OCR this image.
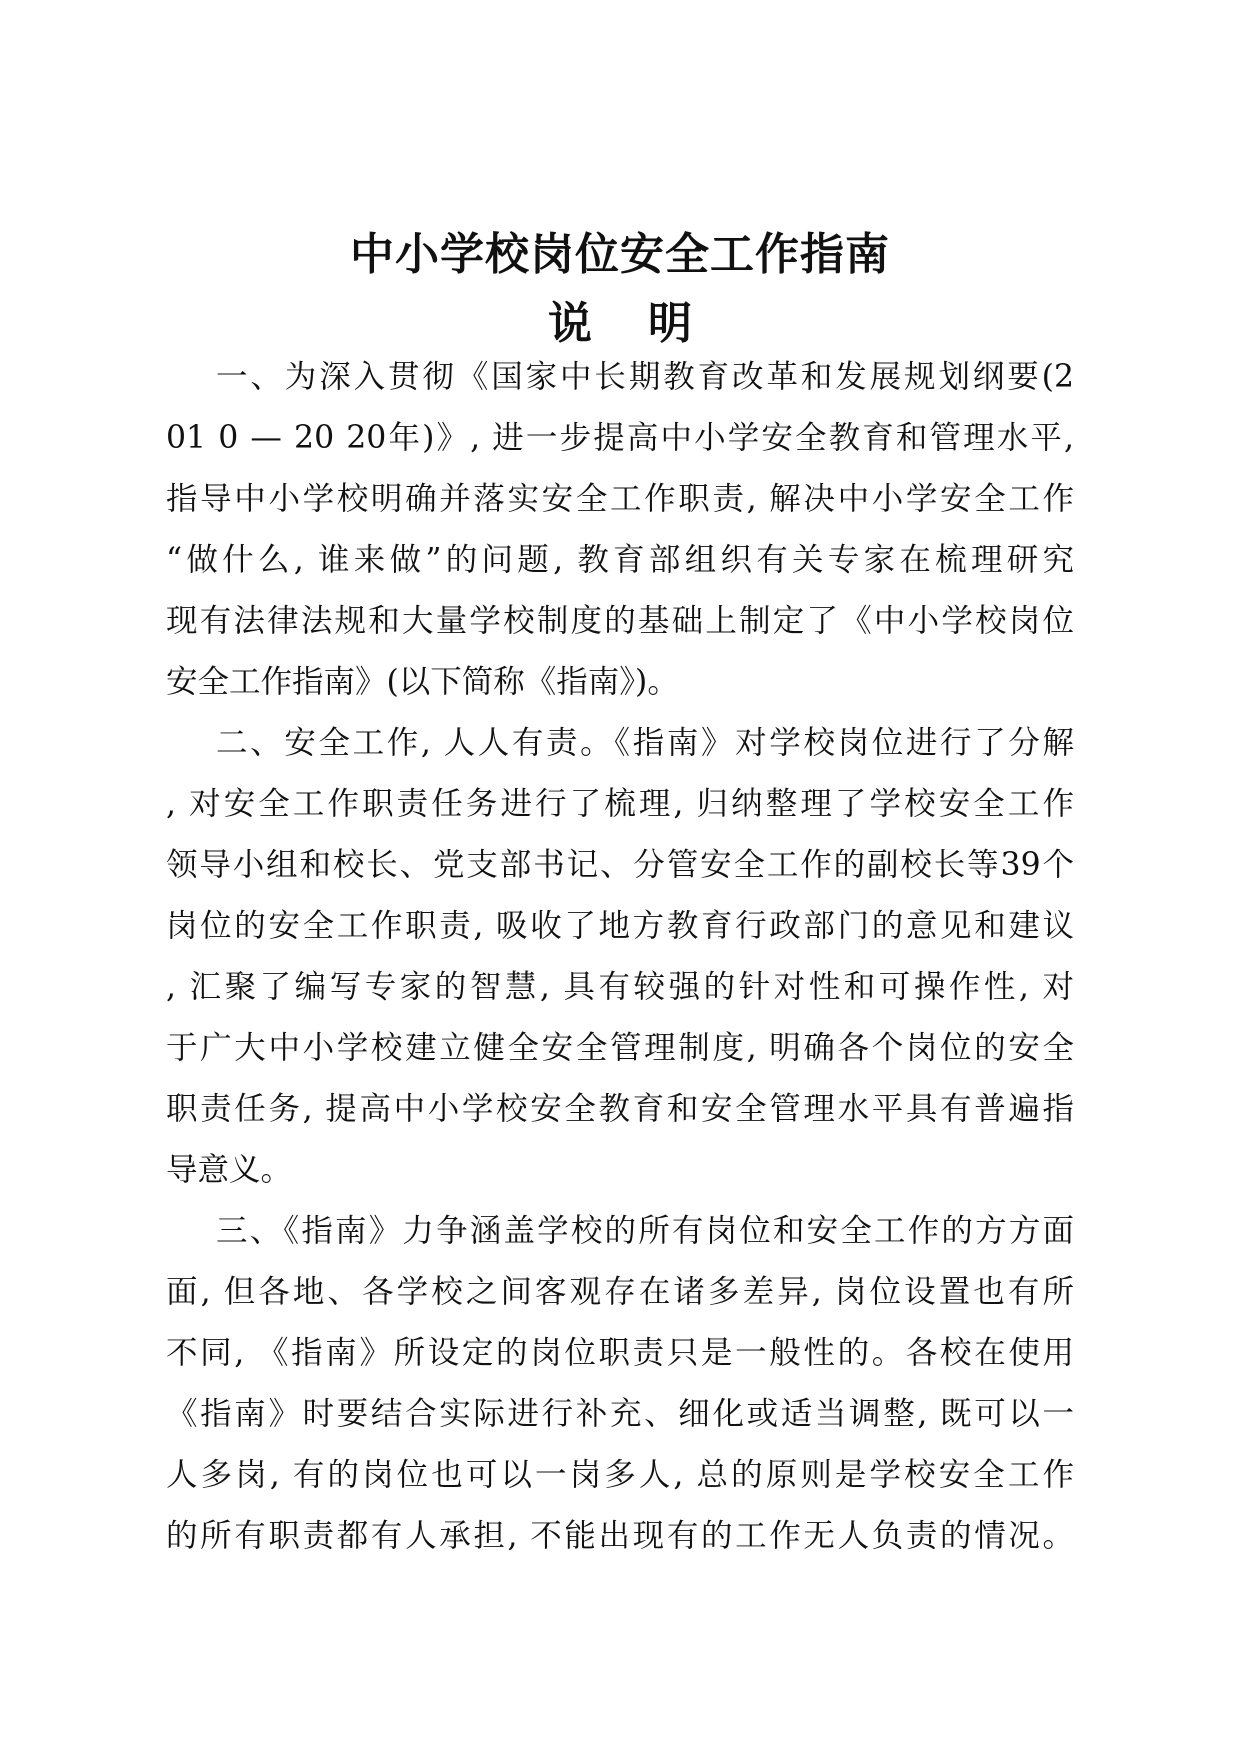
中小学校岗位安全工作指南
说 明
一、为深入贯彻《国家中长期教育改革和发展规划纲要(2
01 0 — 20 20年)》, 进一步提高中小学安全教育和管理水平,
指导中小学校明确并落实安全工作职责, 解决中小学安全工作
“做什么, 谁来做”的问题, 教育部组织有关专家在梳理研究
现有法律法规和大量学校制度的基础上制定了《中小学校岗位
安全工作指南》(以下简称《指南》)。
二、安全工作, 人人有责。《指南》对学校岗位进行了分解
, 对安全工作职责任务进行了梳理, 归纳整理了学校安全工作
领导小组和校长、党支部书记、分管安全工作的副校长等39个
岗位的安全工作职责, 吸收了地方教育行政部门的意见和建议
, 汇聚了编写专家的智慧, 具有较强的针对性和可操作性, 对
于广大中小学校建立健全安全管理制度, 明确各个岗位的安全
职责任务, 提高中小学校安全教育和安全管理水平具有普遍指
导意义。
三、《指南》力争涵盖学校的所有岗位和安全工作的方方面
面, 但各地、各学校之间客观存在诸多差异, 岗位设置也有所
不同, 《指南》所设定的岗位职责只是一般性的。各校在使用
《指南》时要结合实际进行补充、细化或适当调整, 既可以一
人多岗, 有的岗位也可以一岗多人, 总的原则是学校安全工作
的所有职责都有人承担, 不能出现有的工作无人负责的情况。
